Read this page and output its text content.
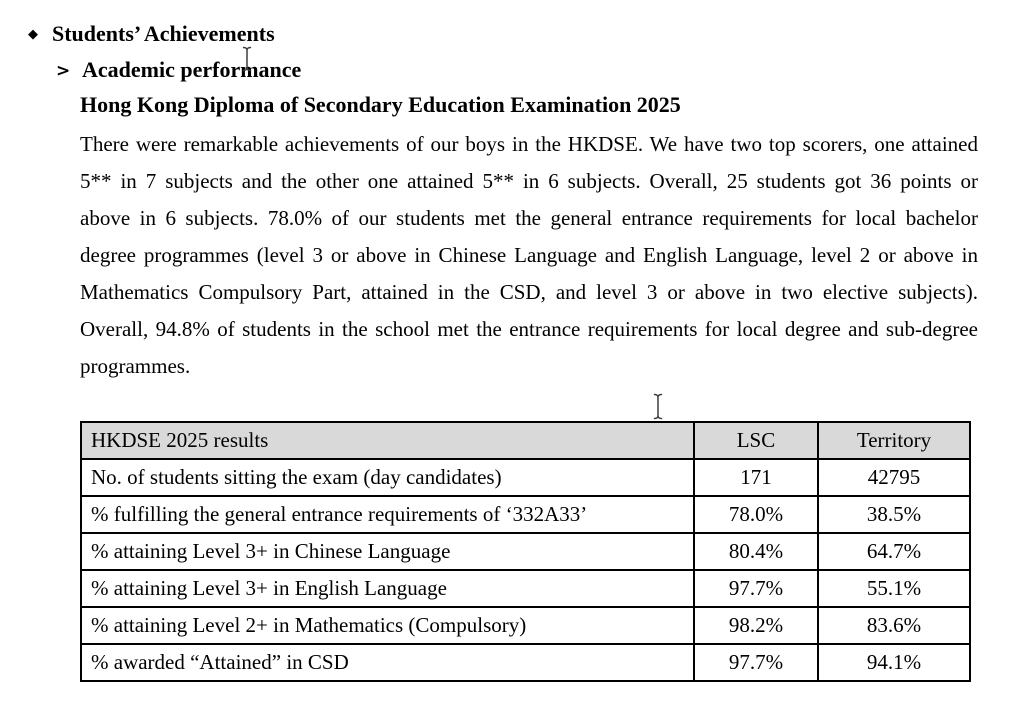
◆ Students’ Achievements
> Academic performance
Hong Kong Diploma of Secondary Education Examination 2025

There were remarkable achievements of our boys in the HKDSE. We have two top scorers, one attained 5** in 7 subjects and the other one attained 5** in 6 subjects. Overall, 25 students got 36 points or above in 6 subjects. 78.0% of our students met the general entrance requirements for local bachelor degree programmes (level 3 or above in Chinese Language and English Language, level 2 or above in Mathematics Compulsory Part, attained in the CSD, and level 3 or above in two elective subjects). Overall, 94.8% of students in the school met the entrance requirements for local degree and sub-degree programmes.

HKDSE 2025 results	LSC	Territory
No. of students sitting the exam (day candidates)	171	42795
% fulfilling the general entrance requirements of ‘332A33’	78.0%	38.5%
% attaining Level 3+ in Chinese Language	80.4%	64.7%
% attaining Level 3+ in English Language	97.7%	55.1%
% attaining Level 2+ in Mathematics (Compulsory)	98.2%	83.6%
% awarded “Attained” in CSD	97.7%	94.1%
